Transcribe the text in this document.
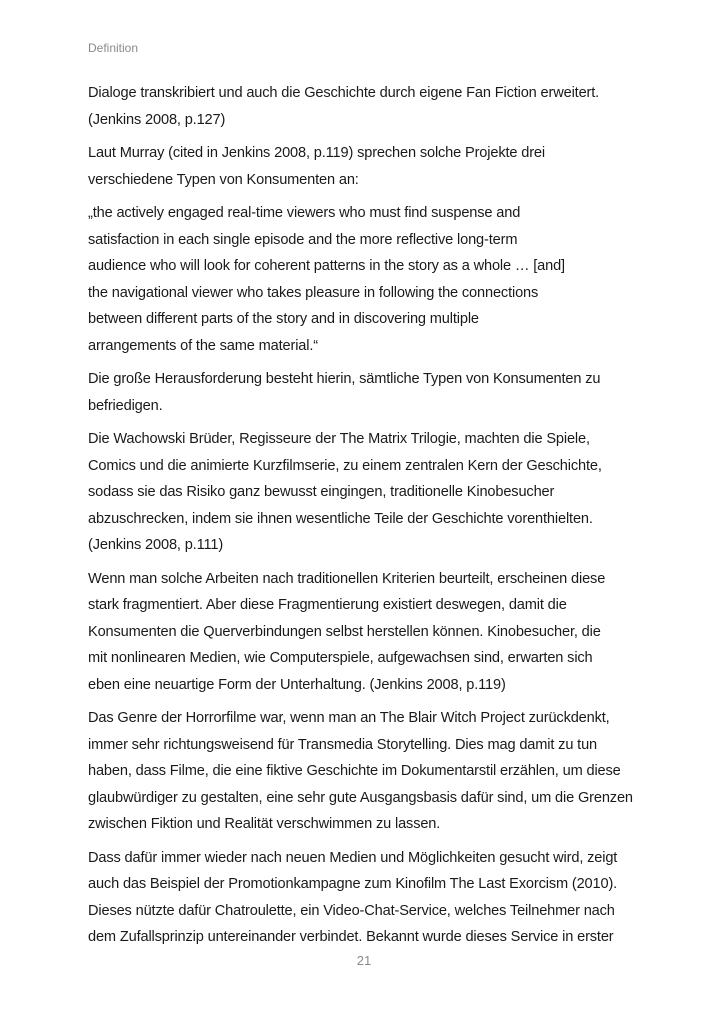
Definition

Dialoge transkribiert und auch die Geschichte durch eigene Fan Fiction erweitert.
(Jenkins 2008, p.127)

Laut Murray (cited in Jenkins 2008, p.119) sprechen solche Projekte drei
verschiedene Typen von Konsumenten an:

„the actively engaged real-time viewers who must find suspense and
satisfaction in each single episode and the more reflective long-term
audience who will look for coherent patterns in the story as a whole … [and]
the navigational viewer who takes pleasure in following the connections
between different parts of the story and in discovering multiple
arrangements of the same material.“

Die große Herausforderung besteht hierin, sämtliche Typen von Konsumenten zu
befriedigen.

Die Wachowski Brüder, Regisseure der The Matrix Trilogie, machten die Spiele,
Comics und die animierte Kurzfilmserie, zu einem zentralen Kern der Geschichte,
sodass sie das Risiko ganz bewusst eingingen, traditionelle Kinobesucher
abzuschrecken, indem sie ihnen wesentliche Teile der Geschichte vorenthielten.
(Jenkins 2008, p.111)

Wenn man solche Arbeiten nach traditionellen Kriterien beurteilt, erscheinen diese
stark fragmentiert. Aber diese Fragmentierung existiert deswegen, damit die
Konsumenten die Querverbindungen selbst herstellen können. Kinobesucher, die
mit nonlinearen Medien, wie Computerspiele, aufgewachsen sind, erwarten sich
eben eine neuartige Form der Unterhaltung. (Jenkins 2008, p.119)

Das Genre der Horrorfilme war, wenn man an The Blair Witch Project zurückdenkt,
immer sehr richtungsweisend für Transmedia Storytelling. Dies mag damit zu tun
haben, dass Filme, die eine fiktive Geschichte im Dokumentarstil erzählen, um diese
glaubwürdiger zu gestalten, eine sehr gute Ausgangsbasis dafür sind, um die Grenzen
zwischen Fiktion und Realität verschwimmen zu lassen.

Dass dafür immer wieder nach neuen Medien und Möglichkeiten gesucht wird, zeigt
auch das Beispiel der Promotionkampagne zum Kinofilm The Last Exorcism (2010).
Dieses nützte dafür Chatroulette, ein Video-Chat-Service, welches Teilnehmer nach
dem Zufallsprinzip untereinander verbindet. Bekannt wurde dieses Service in erster

21
